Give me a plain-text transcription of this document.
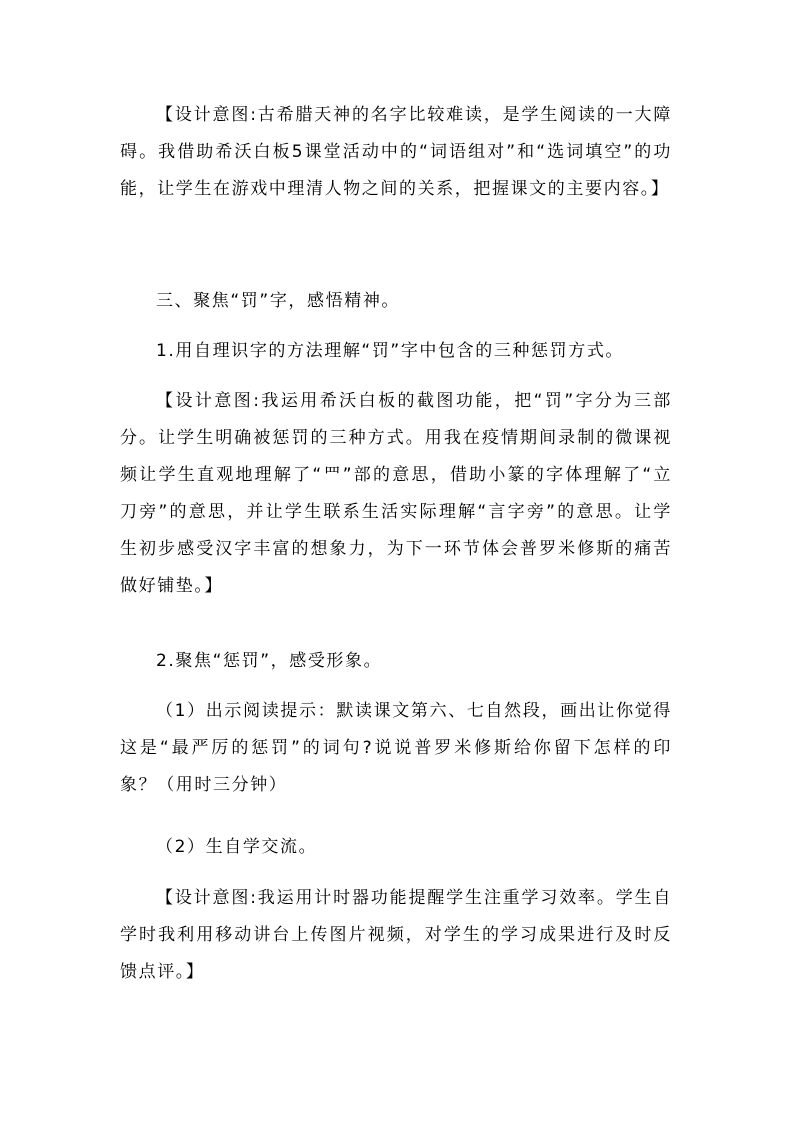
【设计意图:古希腊天神的名字比较难读，是学生阅读的一大障碍。我借助希沃白板5课堂活动中的“词语组对”和“选词填空”的功能，让学生在游戏中理清人物之间的关系，把握课文的主要内容。】

三、聚焦“罚”字，感悟精神。

1.用自理识字的方法理解“罚”字中包含的三种惩罚方式。

【设计意图:我运用希沃白板的截图功能，把“罚”字分为三部分。让学生明确被惩罚的三种方式。用我在疫情期间录制的微课视频让学生直观地理解了“罒”部的意思，借助小篆的字体理解了“立刀旁”的意思，并让学生联系生活实际理解“言字旁”的意思。让学生初步感受汉字丰富的想象力，为下一环节体会普罗米修斯的痛苦做好铺垫。】

2.聚焦“惩罚”，感受形象。

（1）出示阅读提示：默读课文第六、七自然段，画出让你觉得这是“最严厉的惩罚”的词句?说说普罗米修斯给你留下怎样的印象？（用时三分钟）

（2）生自学交流。

【设计意图:我运用计时器功能提醒学生注重学习效率。学生自学时我利用移动讲台上传图片视频，对学生的学习成果进行及时反馈点评。】
